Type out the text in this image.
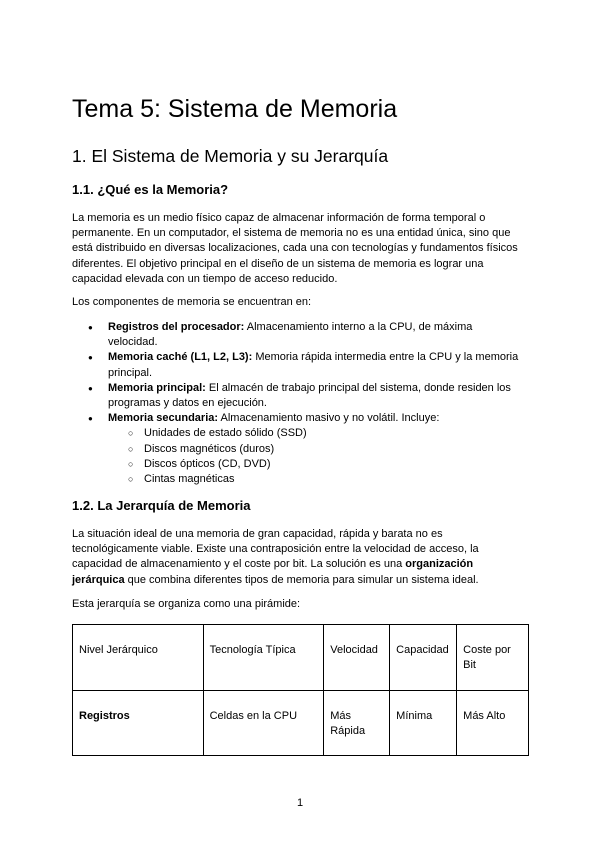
Tema 5: Sistema de Memoria
1. El Sistema de Memoria y su Jerarquía
1.1. ¿Qué es la Memoria?

La memoria es un medio físico capaz de almacenar información de forma temporal o
permanente. En un computador, el sistema de memoria no es una entidad única, sino que
está distribuido en diversas localizaciones, cada una con tecnologías y fundamentos físicos
diferentes. El objetivo principal en el diseño de un sistema de memoria es lograr una
capacidad elevada con un tiempo de acceso reducido.

Los componentes de memoria se encuentran en:

● Registros del procesador: Almacenamiento interno a la CPU, de máxima
velocidad.
● Memoria caché (L1, L2, L3): Memoria rápida intermedia entre la CPU y la memoria
principal.
● Memoria principal: El almacén de trabajo principal del sistema, donde residen los
programas y datos en ejecución.
● Memoria secundaria: Almacenamiento masivo y no volátil. Incluye:
○ Unidades de estado sólido (SSD)
○ Discos magnéticos (duros)
○ Discos ópticos (CD, DVD)
○ Cintas magnéticas
1.2. La Jerarquía de Memoria

La situación ideal de una memoria de gran capacidad, rápida y barata no es
tecnológicamente viable. Existe una contraposición entre la velocidad de acceso, la
capacidad de almacenamiento y el coste por bit. La solución es una organización
jerárquica que combina diferentes tipos de memoria para simular un sistema ideal.

Esta jerarquía se organiza como una pirámide:

Nivel Jerárquico	Tecnología Típica	Velocidad	Capacidad	Coste por Bit
Registros	Celdas en la CPU	Más Rápida	Mínima	Más Alto
1
